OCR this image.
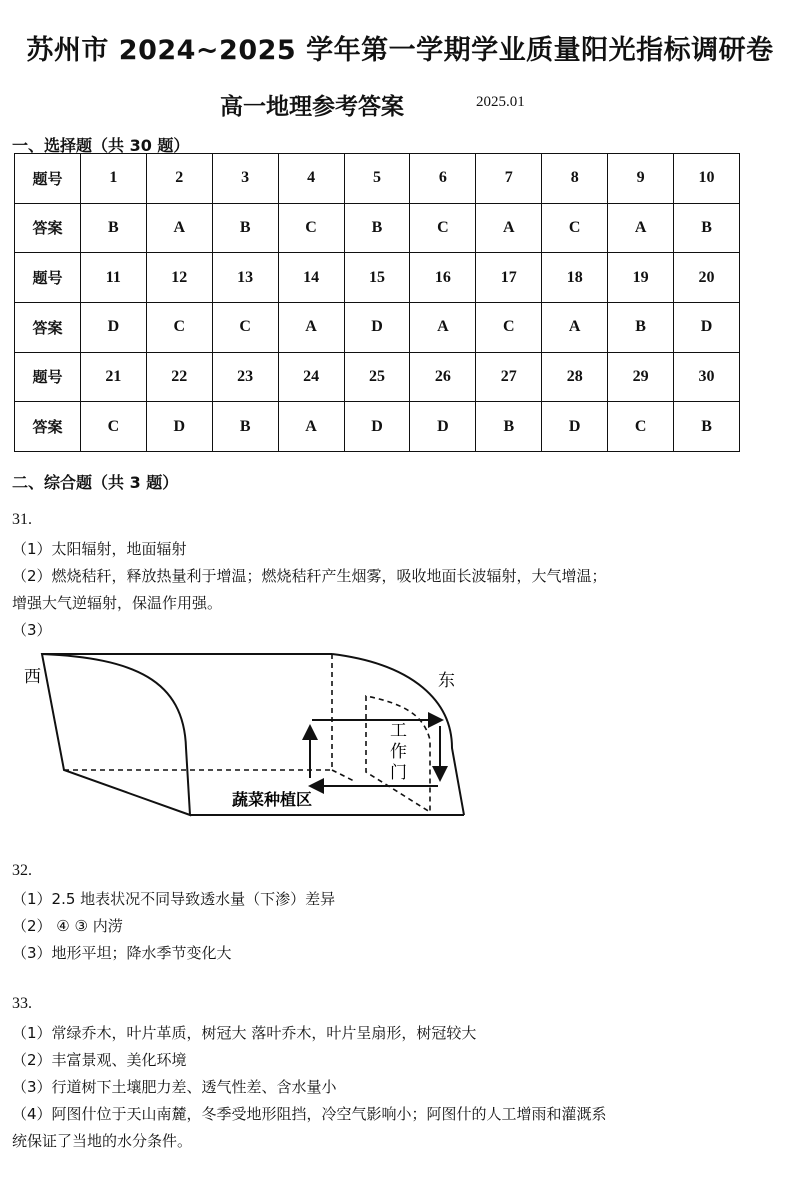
苏州市 2024~2025 学年第一学期学业质量阳光指标调研卷
高一地理参考答案	2025.01
一、选择题（共 30 题）
题号	1	2	3	4	5	6	7	8	9	10
答案	B	A	B	C	B	C	A	C	A	B
题号	11	12	13	14	15	16	17	18	19	20
答案	D	C	C	A	D	A	C	A	B	D
题号	21	22	23	24	25	26	27	28	29	30
答案	C	D	B	A	D	D	B	D	C	B
二、综合题（共 3 题）
31.
（1）太阳辐射，地面辐射
（2）燃烧秸秆，释放热量利于增温；燃烧秸秆产生烟雾，吸收地面长波辐射，大气增温；
增强大气逆辐射，保温作用强。
（3）
西	东
工
作
门
蔬菜种植区
32.
（1）2.5 地表状况不同导致透水量（下渗）差异
（2） ④ ③ 内涝
（3）地形平坦；降水季节变化大
33.
（1）常绿乔木，叶片革质，树冠大 落叶乔木，叶片呈扇形，树冠较大
（2）丰富景观、美化环境
（3）行道树下土壤肥力差、透气性差、含水量小
（4）阿图什位于天山南麓，冬季受地形阻挡，冷空气影响小；阿图什的人工增雨和灌溉系
统保证了当地的水分条件。
